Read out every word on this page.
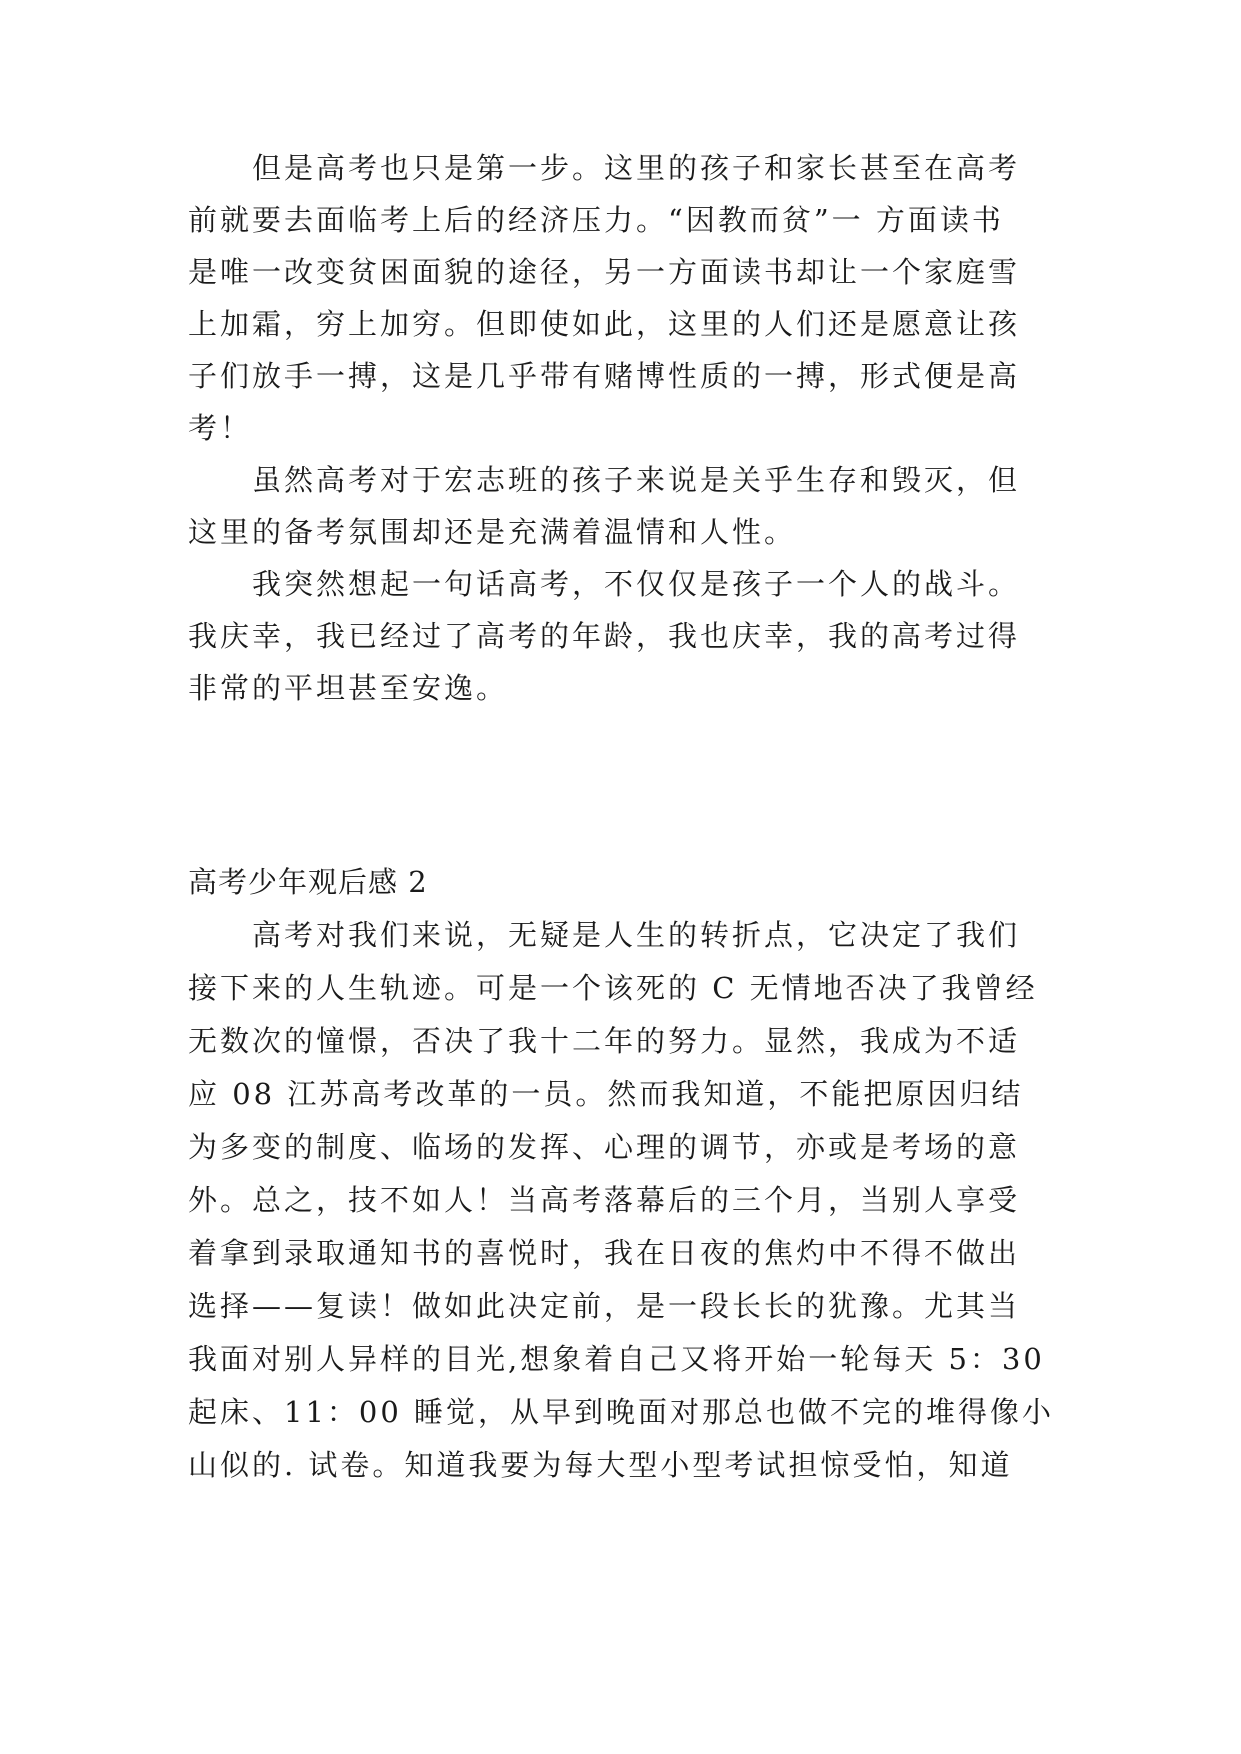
　　但是高考也只是第一步。这里的孩子和家长甚至在高考
前就要去面临考上后的经济压力。“因教而贫”一 方面读书
是唯一改变贫困面貌的途径，另一方面读书却让一个家庭雪
上加霜，穷上加穷。但即使如此，这里的人们还是愿意让孩
子们放手一搏，这是几乎带有赌博性质的一搏，形式便是高
考！
　　虽然高考对于宏志班的孩子来说是关乎生存和毁灭，但
这里的备考氛围却还是充满着温情和人性。
　　我突然想起一句话高考，不仅仅是孩子一个人的战斗。
我庆幸，我已经过了高考的年龄，我也庆幸，我的高考过得
非常的平坦甚至安逸。
高考少年观后感 2
　　高考对我们来说，无疑是人生的转折点，它决定了我们
接下来的人生轨迹。可是一个该死的 C 无情地否决了我曾经
无数次的憧憬，否决了我十二年的努力。显然，我成为不适
应 08 江苏高考改革的一员。然而我知道，不能把原因归结
为多变的制度、临场的发挥、心理的调节，亦或是考场的意
外。总之，技不如人！当高考落幕后的三个月，当别人享受
着拿到录取通知书的喜悦时，我在日夜的焦灼中不得不做出
选择——复读！做如此决定前，是一段长长的犹豫。尤其当
我面对别人异样的目光,想象着自己又将开始一轮每天 5：30
起床、11：00 睡觉，从早到晚面对那总也做不完的堆得像小
山似的. 试卷。知道我要为每大型小型考试担惊受怕，知道
